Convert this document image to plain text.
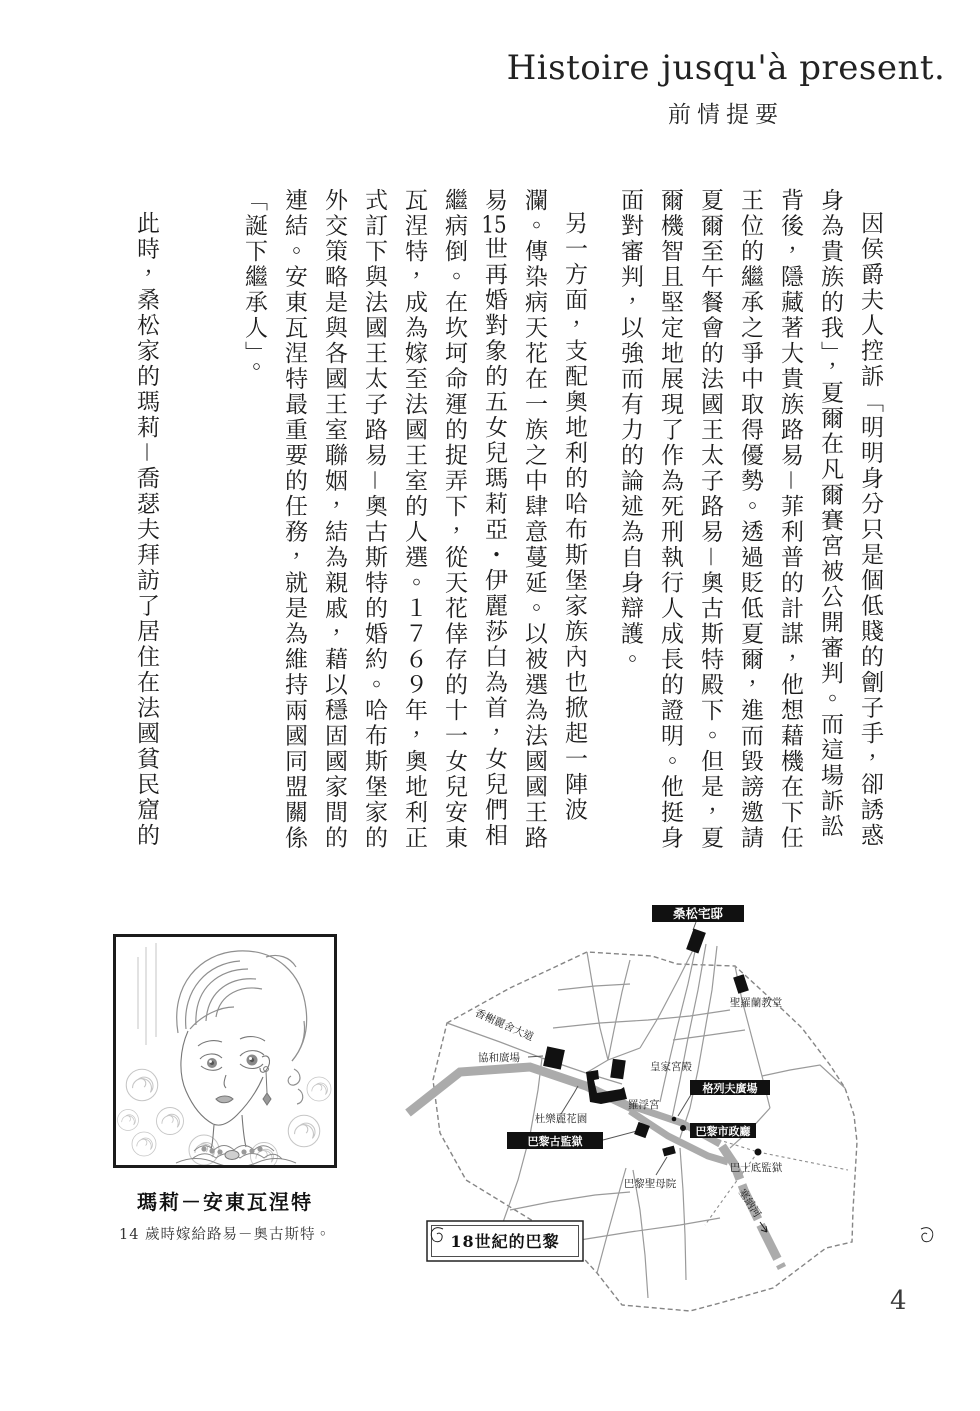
Histoire jusqu'à present.
前情提要

因侯爵夫人控訴「明明身分只是個低賤的劊子手，卻誘惑身為貴族的我」，夏爾在凡爾賽宮被公開審判。而這場訴訟背後，隱藏著大貴族路易－菲利普的計謀，他想藉機在下任王位的繼承之爭中取得優勢。透過貶低夏爾，進而毀謗邀請夏爾至午餐會的法國王太子路易－奧古斯特殿下。但是，夏爾機智且堅定地展現了作為死刑執行人成長的證明。他挺身面對審判，以強而有力的論述為自身辯護。

另一方面，支配奧地利的哈布斯堡家族內也掀起一陣波瀾。傳染病天花在一族之中肆意蔓延。以被選為法國國王路易15世再婚對象的五女兒瑪莉亞・伊麗莎白為首，女兒們相繼病倒。在坎坷命運的捉弄下，從天花倖存的十一女兒安東瓦涅特，成為嫁至法國王室的人選。１７６９年，奧地利正式訂下與法國王太子路易－奧古斯特的婚約。哈布斯堡家的外交策略是與各國王室聯姻，結為親戚，藉以穩固國家間的連結。安東瓦涅特最重要的任務，就是為維持兩國同盟關係「誕下繼承人」。

此時，桑松家的瑪莉－喬瑟夫拜訪了居住在法國貧民窟的

瑪莉－安東瓦涅特
14 歲時嫁給路易－奧古斯特。
桑松宅邸
格列夫廣場
巴黎市政廳
巴黎古監獄
聖羅蘭教堂
香榭麗舍大道
協和廣場
皇家宮殿
羅浮宮
杜樂麗花園
巴士底監獄
巴黎聖母院
塞納河
18世紀的巴黎
4
